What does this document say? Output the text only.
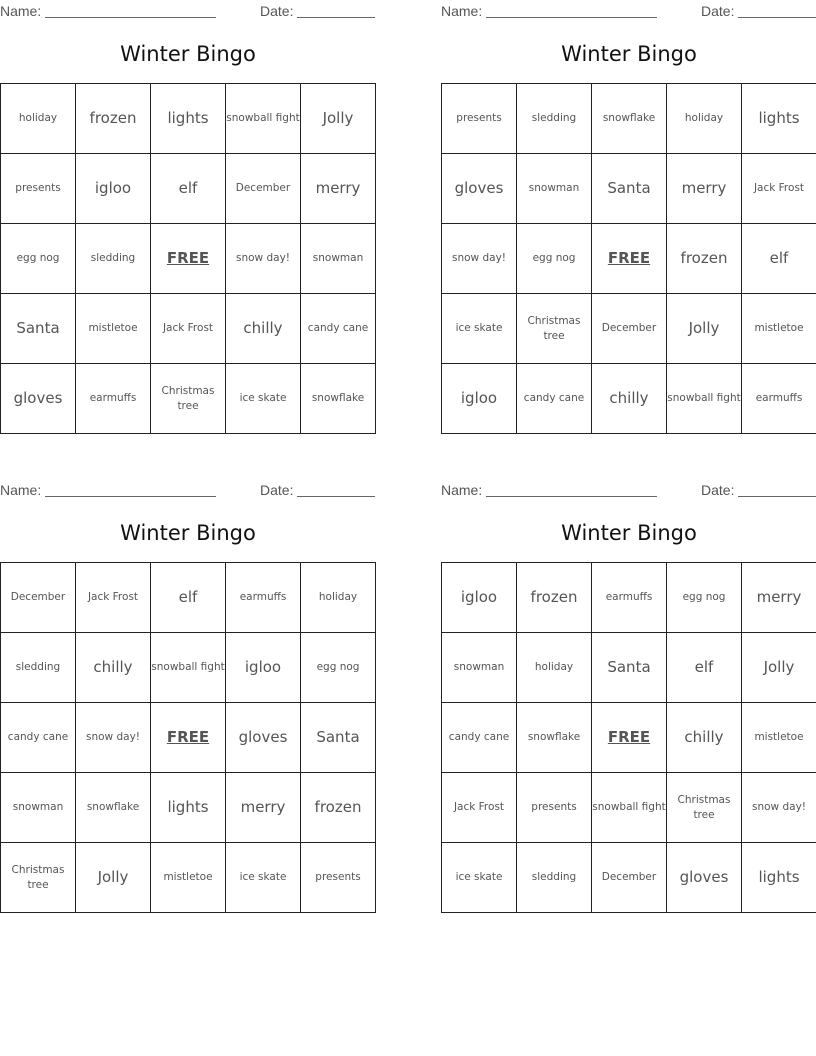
Name:	Date:
Winter Bingo
holiday	frozen	lights	snowball fight	Jolly
presents	igloo	elf	December	merry
egg nog	sledding	FREE	snow day!	snowman
Santa	mistletoe	Jack Frost	chilly	candy cane
gloves	earmuffs	Christmas tree	ice skate	snowflake
Name:	Date:
Winter Bingo
presents	sledding	snowflake	holiday	lights
gloves	snowman	Santa	merry	Jack Frost
snow day!	egg nog	FREE	frozen	elf
ice skate	Christmas tree	December	Jolly	mistletoe
igloo	candy cane	chilly	snowball fight	earmuffs
Name:	Date:
Winter Bingo
December	Jack Frost	elf	earmuffs	holiday
sledding	chilly	snowball fight	igloo	egg nog
candy cane	snow day!	FREE	gloves	Santa
snowman	snowflake	lights	merry	frozen
Christmas tree	Jolly	mistletoe	ice skate	presents
Name:	Date:
Winter Bingo
igloo	frozen	earmuffs	egg nog	merry
snowman	holiday	Santa	elf	Jolly
candy cane	snowflake	FREE	chilly	mistletoe
Jack Frost	presents	snowball fight	Christmas tree	snow day!
ice skate	sledding	December	gloves	lights
